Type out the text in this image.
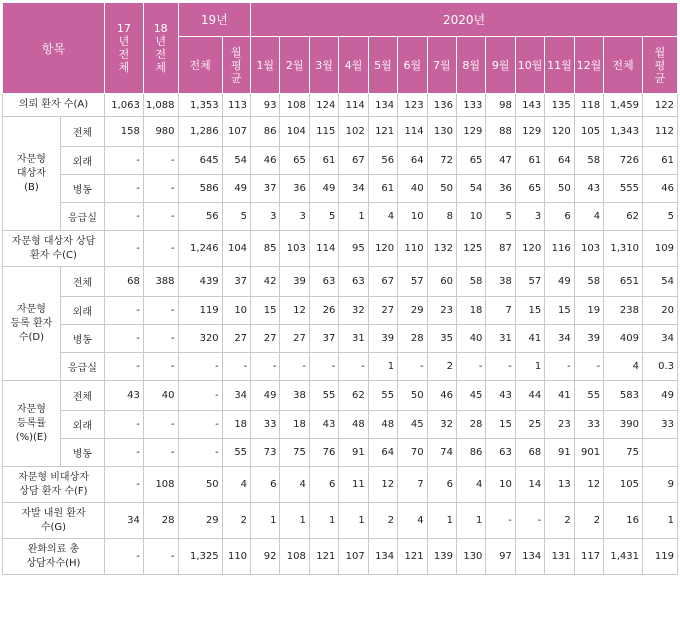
항목		17
년
전
체	18
년
전
체	19년		2020년													
				전체	월
평
균	1월	2월	3월	4월	5월	6월	7월	8월	9월	10월	11월	12월	전체	월
평
균
의뢰 환자 수(A)		1,063	1,088	1,353	113	93	108	124	114	134	123	136	133	98	143	135	118	1,459	122
자문형
대상자
(B)	전체	158	980	1,286	107	86	104	115	102	121	114	130	129	88	129	120	105	1,343	112
	외래	-	-	645	54	46	65	61	67	56	64	72	65	47	61	64	58	726	61
	병동	-	-	586	49	37	36	49	34	61	40	50	54	36	65	50	43	555	46
	응급실	-	-	56	5	3	3	5	1	4	10	8	10	5	3	6	4	62	5
자문형 대상자 상담
환자 수(C)		-	-	1,246	104	85	103	114	95	120	110	132	125	87	120	116	103	1,310	109
자문형
등록 환자
수(D)	전체	68	388	439	37	42	39	63	63	67	57	60	58	38	57	49	58	651	54
	외래	-	-	119	10	15	12	26	32	27	29	23	18	7	15	15	19	238	20
	병동	-	-	320	27	27	27	37	31	39	28	35	40	31	41	34	39	409	34
	응급실	-	-	-	-	-	-	-	-	1	-	2	-	-	1	-	-	4	0.3
자문형
등록률
(%)(E)	전체	43	40	-	34	49	38	55	62	55	50	46	45	43	44	41	55	583	49
	외래	-	-	-	18	33	18	43	48	48	45	32	28	15	25	23	33	390	33
	병동	-	-	-	55	73	75	76	91	64	70	74	86	63	68	91	901	75	
자문형 비대상자
상담 환자 수(F)		-	108	50	4	6	4	6	11	12	7	6	4	10	14	13	12	105	9
자발 내원 환자
수(G)		34	28	29	2	1	1	1	1	2	4	1	1	-	-	2	2	16	1
완화의료 총
상담자수(H)		-	-	1,325	110	92	108	121	107	134	121	139	130	97	134	131	117	1,431	119
